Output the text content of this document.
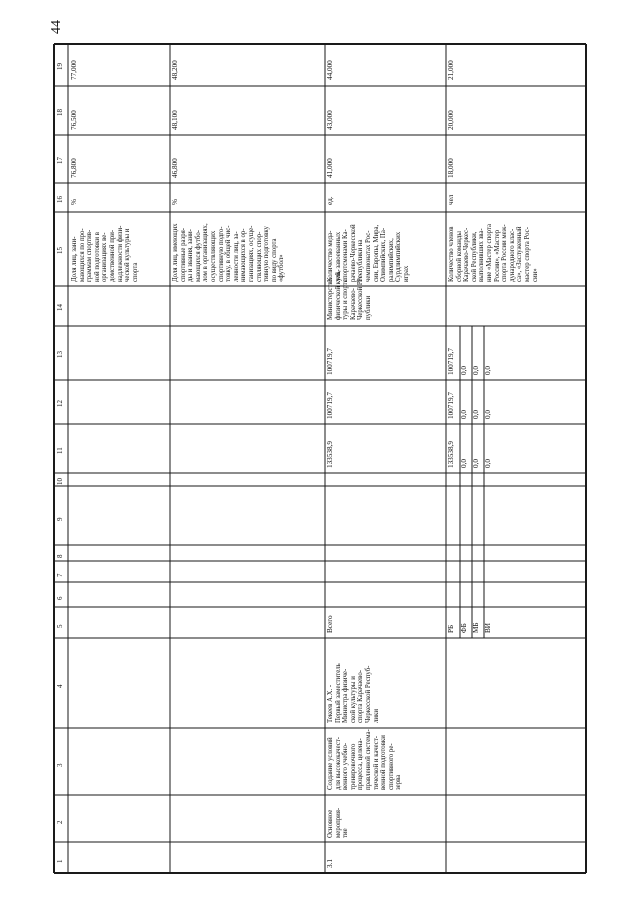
44
1
2
3
4
5
6
7
8
9
10
11
12
13
14
15
16
17
18
19
Доля лиц, зани-
мающихся по про-
граммам спортив-
ной подготовки в
организациях ве-
домственной при-
надлежности физи-
ческой культуры и
спорта
%
76,800
76,500
77,000
Доля лиц, имеющих
спортивные разря-
ды и звания, зани-
мающихся футбо-
лом в организациях,
осуществляющих
спортивную подго-
товку, в общей чис-
ленности лиц, за-
нимающихся в ор-
ганизациях, осуще-
ствляющих спор-
тивную подготовку
по виду спорта
«футбол»
%
46,800
48,100
48,200
3.1
Основное
мероприя-
тие
Создание условий
для высококачест-
венного учебно-
тренировочного
процесса, целена-
правленной система-
тической и качест-
венной подготовки
спортивного ре-
зерва
Текеев А.Х. -
Первый заместитель
Министра физиче-
ской культуры и
спорта Карачаево-
Черкесской Респуб-
лики
Всего
133538,9
100719,7
100719,7
Министерство
физической куль-
туры и спорта
Карачаево-
Черкесской Рес-
публики
РБ
133538,9
100719,7
100719,7
ФБ
0,0
0,0
0,0
МБ
0,0
0,0
0,0
ВИ
0,0
0,0
0,0
Количество меда-
лей, завоеванных
спортсменами Ка-
рачаево-Черкесской
Республики на
чемпионатах Рос-
сии, Европы, Мира,
Олимпийских, Па-
ралимпийских,
Сурдлимпийских
играх
ед.
41,000
43,000
44,000
Количество членов
сборной команды
Карачаево-Черкес-
ской Республики,
выполнивших зва-
ние «Мастер спорта
России», «Мастер
спорта России меж-
дународного клас-
са», «Заслуженный
мастер спорта Рос-
сии»
чел
18,000
20,000
21,000
